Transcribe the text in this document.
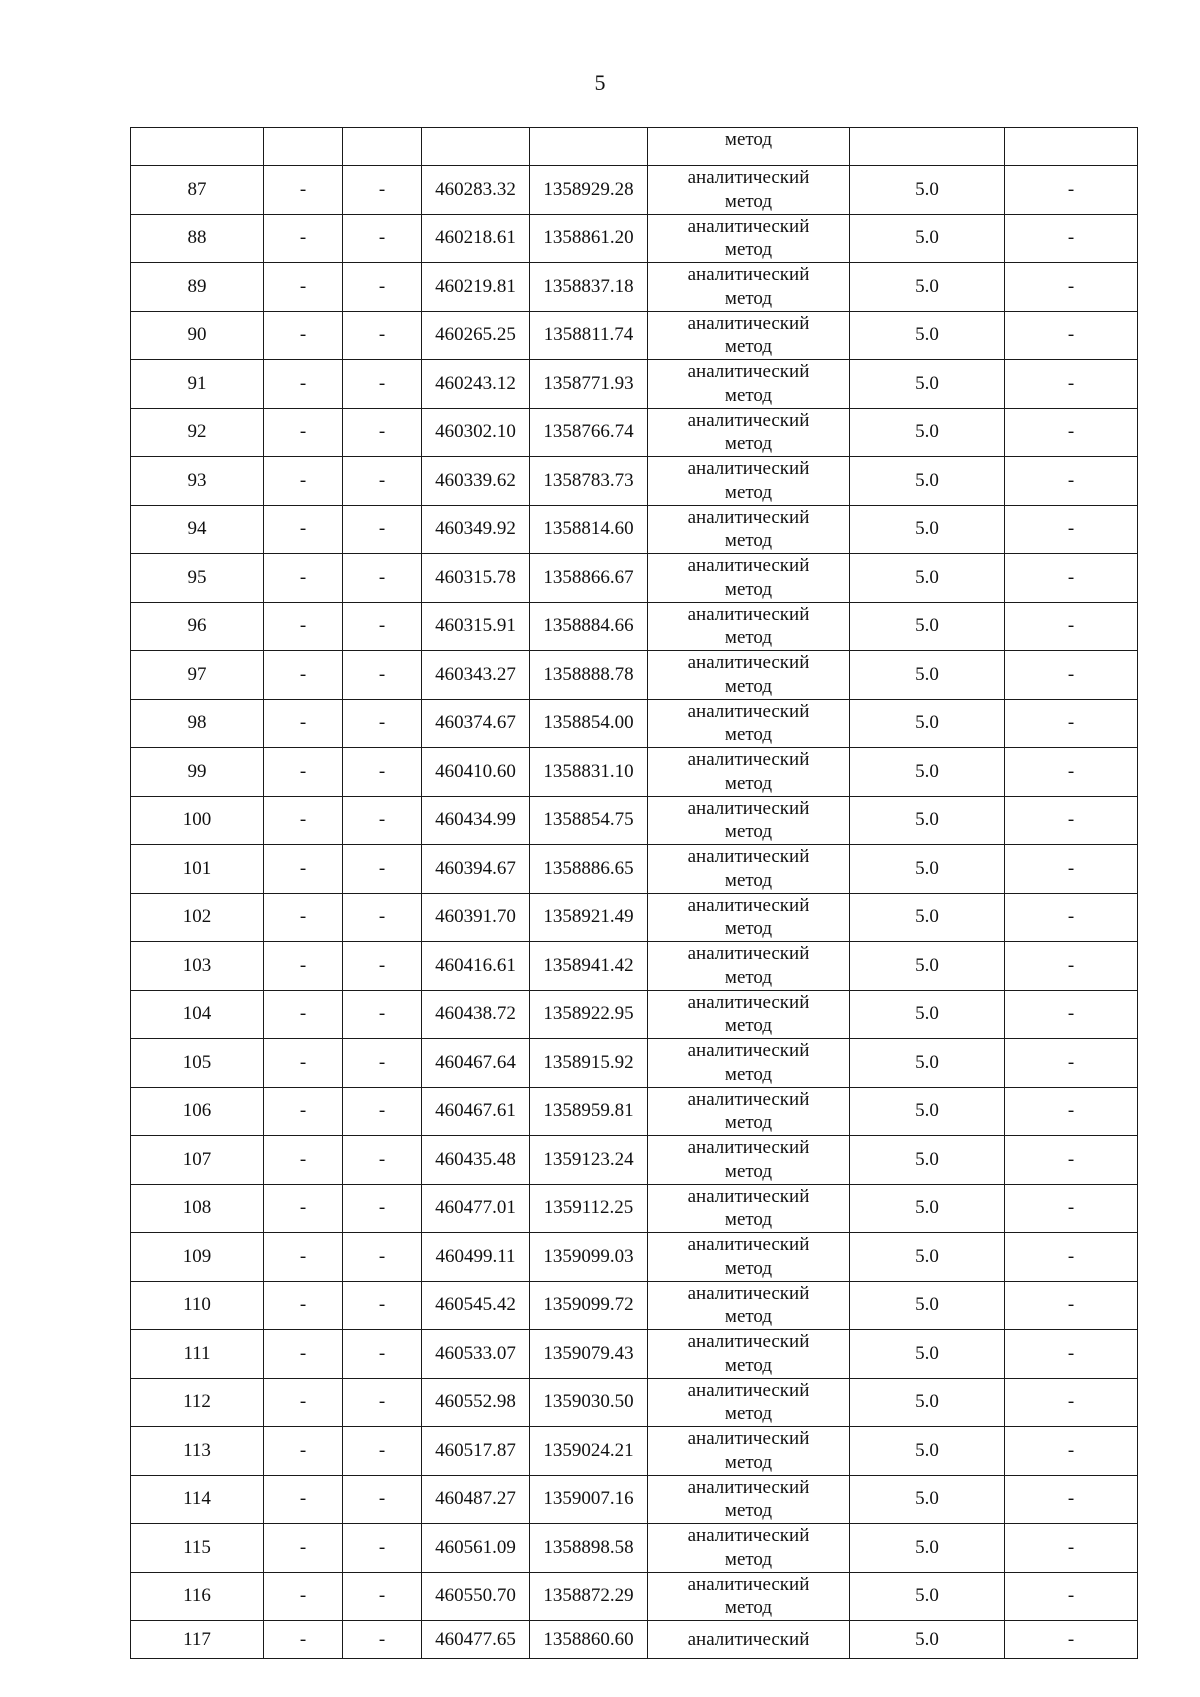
5
					метод		
87	-	-	460283.32	1358929.28	аналитический
метод	5.0	-
88	-	-	460218.61	1358861.20	аналитический
метод	5.0	-
89	-	-	460219.81	1358837.18	аналитический
метод	5.0	-
90	-	-	460265.25	1358811.74	аналитический
метод	5.0	-
91	-	-	460243.12	1358771.93	аналитический
метод	5.0	-
92	-	-	460302.10	1358766.74	аналитический
метод	5.0	-
93	-	-	460339.62	1358783.73	аналитический
метод	5.0	-
94	-	-	460349.92	1358814.60	аналитический
метод	5.0	-
95	-	-	460315.78	1358866.67	аналитический
метод	5.0	-
96	-	-	460315.91	1358884.66	аналитический
метод	5.0	-
97	-	-	460343.27	1358888.78	аналитический
метод	5.0	-
98	-	-	460374.67	1358854.00	аналитический
метод	5.0	-
99	-	-	460410.60	1358831.10	аналитический
метод	5.0	-
100	-	-	460434.99	1358854.75	аналитический
метод	5.0	-
101	-	-	460394.67	1358886.65	аналитический
метод	5.0	-
102	-	-	460391.70	1358921.49	аналитический
метод	5.0	-
103	-	-	460416.61	1358941.42	аналитический
метод	5.0	-
104	-	-	460438.72	1358922.95	аналитический
метод	5.0	-
105	-	-	460467.64	1358915.92	аналитический
метод	5.0	-
106	-	-	460467.61	1358959.81	аналитический
метод	5.0	-
107	-	-	460435.48	1359123.24	аналитический
метод	5.0	-
108	-	-	460477.01	1359112.25	аналитический
метод	5.0	-
109	-	-	460499.11	1359099.03	аналитический
метод	5.0	-
110	-	-	460545.42	1359099.72	аналитический
метод	5.0	-
111	-	-	460533.07	1359079.43	аналитический
метод	5.0	-
112	-	-	460552.98	1359030.50	аналитический
метод	5.0	-
113	-	-	460517.87	1359024.21	аналитический
метод	5.0	-
114	-	-	460487.27	1359007.16	аналитический
метод	5.0	-
115	-	-	460561.09	1358898.58	аналитический
метод	5.0	-
116	-	-	460550.70	1358872.29	аналитический
метод	5.0	-
117	-	-	460477.65	1358860.60	аналитический	5.0	-
